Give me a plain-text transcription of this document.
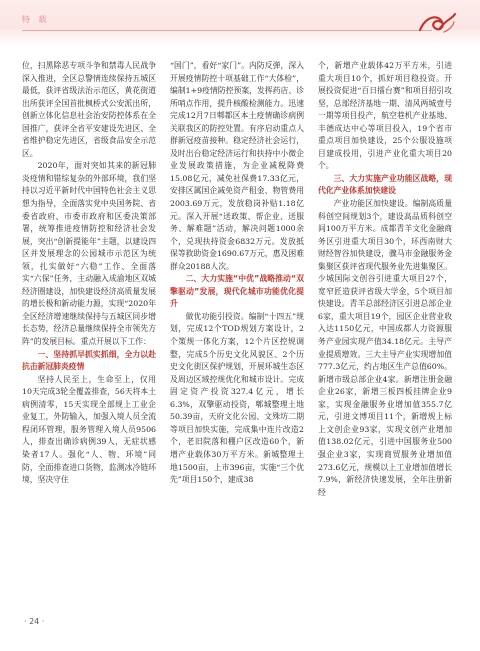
特 载

位，扫黑除恶专项斗争和禁毒人民战争深入推进，全区总警情连续保持五城区最低，获评省级法治示范区，黄花街道出所获评全国首批枫桥式公安派出所，创新立体化信息社会治安防控体系在全国推广，获评全省平安建设先进区、全省维护稳定先进区，省级食品安全示范区。

2020年，面对突如其来的新冠肺炎疫情和错综复杂的外部环境，我们坚持以习近平新时代中国特色社会主义思想为指导，全面落实党中央国务院、省委省政府、市委市政府和区委决策部署，统筹推进疫情防控和经济社会发展，突出“创新提能年”主题，以建设四区并发展理念的公园城市示范区为统领，扎实做好“六稳”工作、全面落实“六保”任务，主动融入成渝地区双城经济圈建设，加快建设经济高质量发展的增长极和新动能力源，实现“2020年全区经济增速继续保持与五城区同步增长态势，经济总量继续保持全市领先方阵”的发展目标。重点开展以下工作：

一、坚持抓早抓实抓细，全力以赴抗击新冠肺炎疫情

坚持人民至上，生命至上，仅用10天完成3轮全覆盖排查，56天将本土病例清零，15天实现全部规上工业企业复工，外防输入，加强入境人员全流程闭环管理，服务管理入境人员9506人，排查出确诊病例39人，无症状感染者17人。强化“人、物、环境”同防，全面排查进口货物，监测冰冷链环境，坚决守住

“国门”，看好“家门”。内防反弹，深入开展疫情防控十项基础工作“大体检”，编制1+9疫情防控预案，发挥药店、诊所哨点作用，提升核酸检测能力。迅速完成12月7日郫都区本土疫情确诊病例关联我区的防控处置。有序启动重点人群新冠疫苗接种。稳定经济社会运行，及时出台稳定经济运行和扶持中小微企业发展政策措施，为企业减税降费15.08亿元，减免社保费17.33亿元，安排区属国企减免资产租金、物管费用2003.69万元，发放稳岗补贴1.18亿元。深入开展“送政策、帮企业、送服务、解难题”活动，解决问题1000余个，兑现扶持资金6832万元。发放抵保等救助资金1690.67万元，惠及困难群众20188人次。

二、大力实施“中优”战略推动“双擎驱动”发展，现代化城市功能优化提升

做优功能引投资。编制“十四五”规划，完成12个TOD规划方案设计，2个策规一体化方案，12个片区控规调整，完成5个历史文化风貌区、2个历史文化街区保护规划，开展环城生态区及周边区域控规优化和城市设计。完成固定资产投资327.4亿元，增长6.3%，双擎驱动投资，郫城整理土地50.39亩，天府文化公园、文殊坊二期等项目加快实施，完成集中连片改造2个，老旧院落和棚户区改造60个，新增产业载体30万平方米。新城整理土地1500亩，上市396亩，实施“三个优先”项目150个，建成38

个，新增产业载体42万平方米，引进重大项目10个，抓好项目稳投资。开展投资促进“百日擂台赛”和项目招引攻坚，总部经济基地一期、清风两城壹号一期等项目投产，航空巷机产业基地、丰德成达中心等项目投入，19个省市重点项目加快建设，25个公服设施项目建成投用，引进产业化重大项目20个。

三、大力实施产业功能区战略，现代化产业体系加快建设

产业功能区加快建设。编制高质量科创空间规划3个，建设高品质科创空间100万平方米。成都青羊文化金融商务区引进重大项目30个，环西南财大财经智谷加快建设，骤马市金融服务金集聚区获评省现代服务业先进集聚区。少城国际文创谷引进重大项目27个，宽窄匠造获评省级大学金，5个项目加快建设。青羊总部经济区引进总部企业6家，重大项目19个，园区企业营业收入达1150亿元，中国成都人力资源服务产业园实现产值34.18亿元。主导产业提质增效。三大主导产业实现增加值777.3亿元，约占地区生产总值60%。新增市级总部企业4家。新增注册金融企业26家，新增三板四板挂牌企业9家，实现金融服务业增加值355.7亿元，引进文博项目11个，新增规上标上文创企业93家，实现文创产业增加值138.02亿元，引进中国服务业500强企业3家，实现商贸服务业增加值273.6亿元，规模以上工业增加值增长7.9%，新经济快速发展，全年注册新经

· 24 ·
